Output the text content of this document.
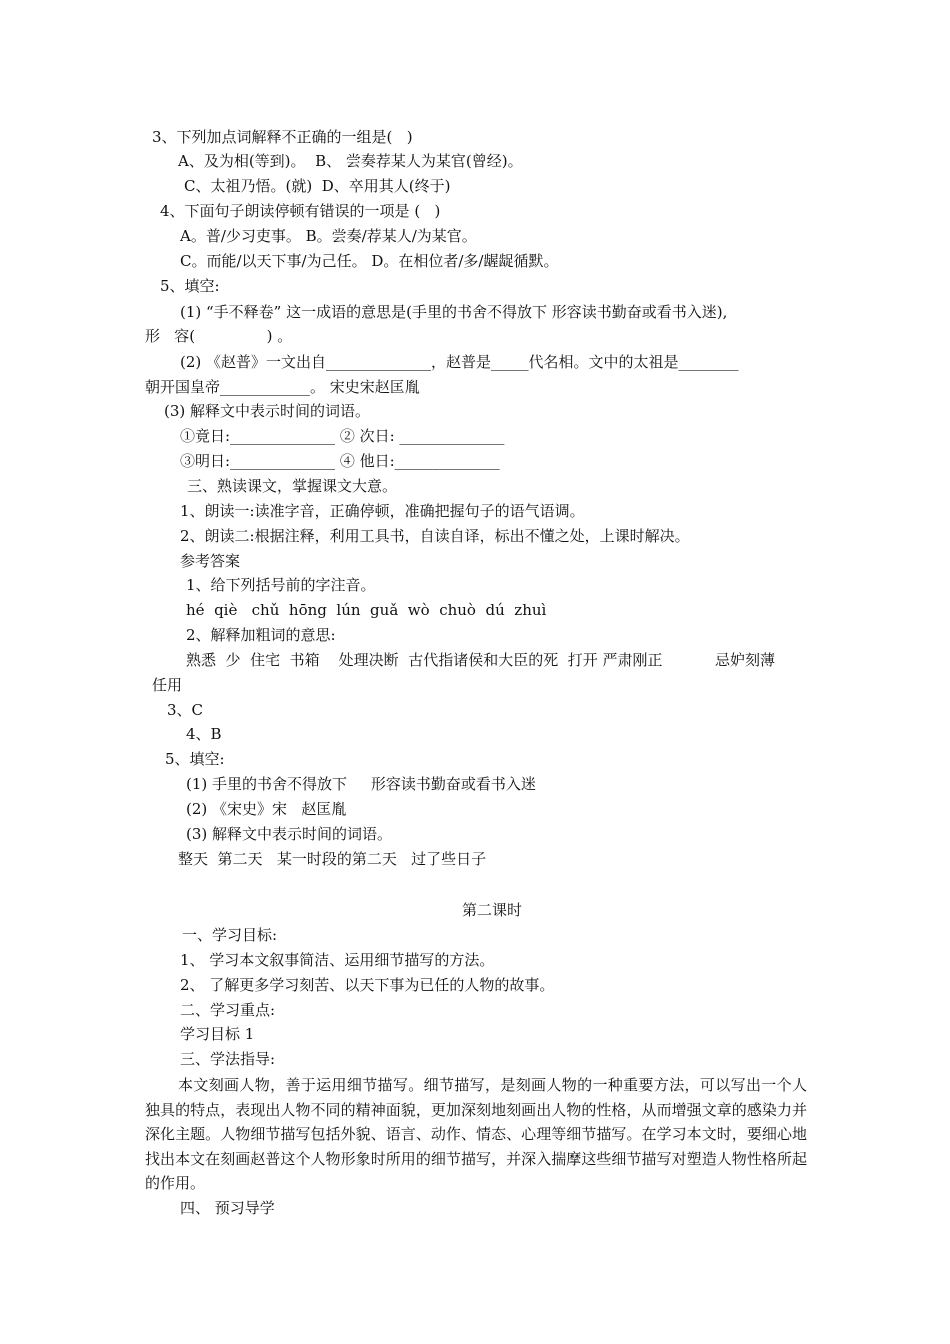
3、下列加点词解释不正确的一组是(   )
A、及为相(等到)。  B、 尝奏荐某人为某官(曾经)。
C、太祖乃悟。(就)  D、卒用其人(终于)
4、下面句子朗读停顿有错误的一项是 (   )
A。普/少习吏事。 B。尝奏/荐某人/为某官。
C。而能/以天下事/为己任。 D。在相位者/多/龌龊循默。
5、填空:
(1) “手不释卷” 这一成语的意思是(手里的书舍不得放下 形容读书勤奋或看书入迷),
形   容(               ) 。
(2) 《赵普》一文出自______________，赵普是_____代名相。文中的太祖是________
朝开国皇帝____________。 宋史宋赵匡胤
(3) 解释文中表示时间的词语。
①竟日:______________ ② 次日: ______________
③明日:______________ ④ 他日:______________
三、熟读课文，掌握课文大意。
1、朗读一:读准字音，正确停顿，准确把握句子的语气语调。
2、朗读二:根据注释，利用工具书，自读自译，标出不懂之处，上课时解决。
参考答案
1、给下列括号前的字注音。
hé  qiè   chǔ  hōng  lún  guǎ  wò  chuò  dú  zhuì
2、解释加粗词的意思:
熟悉  少  住宅  书箱    处理决断  古代指诸侯和大臣的死  打开 严肃刚正           忌妒刻薄
任用
3、C
4、B
5、填空:
(1) 手里的书舍不得放下     形容读书勤奋或看书入迷
(2) 《宋史》宋   赵匡胤
(3) 解释文中表示时间的词语。
整天  第二天   某一时段的第二天   过了些日子
第二课时
一、学习目标:
1、 学习本文叙事简洁、运用细节描写的方法。
2、 了解更多学习刻苦、以天下事为已任的人物的故事。
二、学习重点:
学习目标 1
三、学法指导:
本文刻画人物，善于运用细节描写。细节描写，是刻画人物的一种重要方法，可以写出一个人独具的特点，表现出人物不同的精神面貌，更加深刻地刻画出人物的性格，从而增强文章的感染力并深化主题。人物细节描写包括外貌、语言、动作、情态、心理等细节描写。在学习本文时，要细心地找出本文在刻画赵普这个人物形象时所用的细节描写，并深入揣摩这些细节描写对塑造人物性格所起的作用。
四、 预习导学
